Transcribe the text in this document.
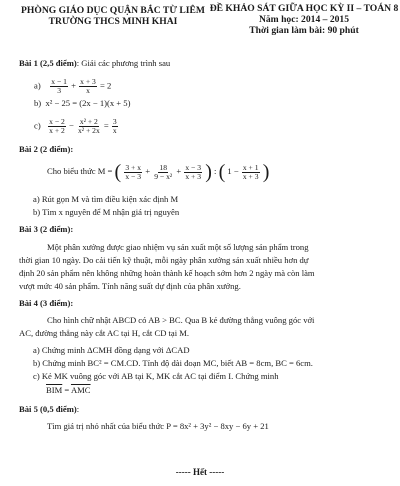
PHÒNG GIÁO DỤC QUẬN BẮC TỪ LIÊM
TRƯỜNG THCS MINH KHAI
ĐỀ KHẢO SÁT GIỮA HỌC KỲ II – TOÁN 8
Năm học: 2014 – 2015
Thời gian làm bài: 90 phút
Bài 1 (2,5 điểm): Giải các phương trình sau
$a) \frac{x - 1}{3} + \frac{x + 3}{x} = 2$
b) x² − 25 = (2x − 1)(x + 5)
$c) \frac{x - 2}{x + 2} - \frac{\text{x² + 2}}{\text{x² + 2x}} = \frac{3}{x}$
Bài 2 (2 điểm):
Cho biểu thức M = ( $\frac{3 + x}{x - 3} + \frac{18}{\text{9 − x²}} + \frac{x - 3}{x + 3}$ ) : ( $1 - \frac{x + 1}{x + 3}$ )
a) Rút gọn M và tìm điều kiện xác định M
b) Tìm x nguyên để M nhận giá trị nguyên
Bài 3 (2 điểm):
Một phân xưởng được giao nhiệm vụ sản xuất một số lượng sản phẩm trong
thời gian 10 ngày. Do cải tiến kỹ thuật, mỗi ngày phân xưởng sản xuất nhiều hơn dự
định 20 sản phẩm nên không những hoàn thành kế hoạch sớm hơn 2 ngày mà còn làm
vượt mức 40 sản phẩm. Tính năng suất dự định của phân xưởng.
Bài 4 (3 điểm):
Cho hình chữ nhật ABCD có AB > BC. Qua B kẻ đường thẳng vuông góc với
AC, đường thẳng này cắt AC tại H, cắt CD tại M.
a) Chứng minh ΔCMH đồng dạng với ΔCAD
b) Chứng minh BC² = CM.CD. Tính độ dài đoạn MC, biết AB = 8cm, BC = 6cm.
c) Kẻ MK vuông góc với AB tại K, MK cắt AC tại điểm I. Chứng minh
$\overline{BIM} = \overline{AMC}$
Bài 5 (0,5 điểm):
Tìm giá trị nhỏ nhất của biểu thức P = 8x² + 3y² − 8xy − 6y + 21
----- Hết -----
